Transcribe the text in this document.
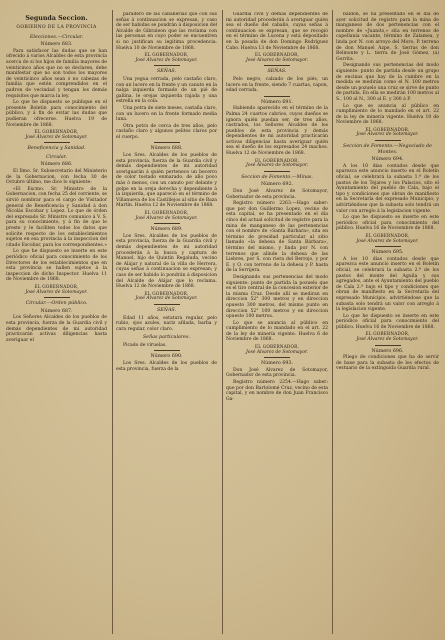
Segunda Seccion.
GOBIERNO DE LA PROVINCIA
Elecciones.—Circular.
Número 683.
Para satisfacer las dudas que se han ofrecido á varios Alcaldes de esta provincia acerca de si los hijos de familia mayores de veinticinco años que no se declaren, debe manifestar que no son todos los mayores de veinticinco años sean ó no cabezas de familia que estén comprendidos en el padron de vecindad y tengan los demás requisitos que marca la ley.
Lo que he dispuesto se publique en el presente Boletin para conocimiento del público, y á fin de evitar las dudas que pudieran ofrecerse. Huelva 19 de Noviembre de 1868.
EL GOBERNADOR,
José Alvarez de Sotomayor.
Beneficencia y Sanidad.
Circular.
Número 686.
El Ilmo. Sr. Subsecretario del Ministerio de la Gobernacion, con fecha 30 de Octubre último, me dice lo siguiente:
«El Excmo. Sr. Ministro de la Gobernacion, con fecha 25 del corriente, se sirvió nombrar para el cargo de Visitador general de Beneficencia y Sanidad á don Nicolás Escobar y Lopez. Lo que de órden del expresado Sr. Ministro comunico á V. S. para su conocimiento, y á fin de que le preste y le faciliten todos los datos que solicite respecto de los establecimientos sujetos en esa provincia á la inspeccion del citado Escobar, para los correspondientes.»
Lo que he dispuesto se inserte en este periódico oficial para conocimiento de los Directores de los establecimientos que en esta provincia se hallen sujetos á la inspeccion de dicho Inspector. Huelva 11 de Noviembre de 1868.
EL GOBERNADOR,
José Alvarez de Sotomayor.
Circular.—Orden público.
Número 687.
Los Señores Alcaldes de los pueblos de esta provincia, fuerza de la Guardia civil y demás dependientes de mi autoridad practicarán activas diligencias hasta averiguar el
paradero de las caballerías que con sus señas á continuacion se expresan, y caso de ser habidas se pondrán á disposicion del Alcalde de Gibraleon que las reclama con las personas en cuyo poder se encuentren si no justifican su legítima procedencia. Huelva 10 de Noviembre de 1868.
EL GOBERNADOR,
José Alvarez de Sotomayor.
SEÑAS.
Una yegua cerrada, pelo castaño claro, con un lucero en la frente y un canuto en la nalga izquierda formado de un pié de gallina, le orejas izquierda rajada y una estrella en la cola.
Una potra de siete meses, castaña claro, con un lucero en la frente formado media luna.
Otra potra de cerca de tres años, pelo castaño claro y algunos pelitos claros por el cuerpo.
Número 688.
Los Sres. Alcaldes de los pueblos de esta provincia, fuerza de la Guardia civil y demás dependientes de mi autoridad averiguarán á quién pertenece un becerro de color tostado enmarado, de año poco más ó menos, con un canuto por delante y golpe en la oreja derecha y dependiente á la izquierda, que apareció en el término de Villanueva de los Castillejos al sitio de Baza Martín. Huelva 12 de Noviembre de 1868.
EL GOBERNADOR,
José Alvarez de Sotomayor.
Número 689.
Los Sres. Alcaldes de los pueblos de esta provincia, fuerza de la Guardia civil y demás dependientes de mi autoridad procederán á la busca y captura de Manuel, hijo de Quintín Regaluda, vecino de Alájar y natural de la villa de Herrera, cuyas señas á continuacion se expresan; y caso de ser habido lo pondrán á disposicion del Alcalde de Alájar que lo reclama. Huelva 12 de Noviembre de 1868.
EL GOBERNADOR,
José Alvarez de Sotomayor.
SEÑAS.
Edad 11 años, estatura regular, pelo rubio, ojos azules, nariz afilada, barba y cara regular, color claro.
Señas particulares.
Picado de viruelas.
Número 690.
Los Sres. Alcaldes de los pueblos de esta provincia, fuerza de la
Guardia civil y demás dependientes de mi autoridad procederán á averiguar quién sea el dueño del caballo, cuyas señas á continuacion se expresan, que se recogió en el término de Lucena y está depositado en la posada de don Domingo Rodriguez Cabo. Huelva 13 de Noviembre de 1868.
EL GOBERNADOR,
José Alvarez de Sotomayor.
SEÑAS.
Pelo negro, calzado de los piés, un lucero en la frente, siendo 7 cuartas, capon, edad cerrada.
Número 691.
Habiendo aparecido en el término de la Palma 24 cuartos cabrios, cuyos dueños se ignora quién puedan ser, de tres años, castrados, los Señores Alcaldes de los pueblos de esta provincia y demás dependientes de mi autoridad practicarán activas diligencias hasta averiguar quién sea el dueño de los expresados 24 machos. Huelva 12 de Noviembre de 1868.
EL GOBERNADOR,
José Alvarez de Sotomayor.
Seccion de Fomento.—Minas.
Número 692.
Don José Alvarez de Sotomayor, Gobernador de esta provincia.
Registro número 2263.—Hago saber: que por don Guillermo Lopez, vecino de esta capital, se ha presentado en el día cinco del actual solicitud de registro para la mina de manganeso de las pertenencias con el nombre de «Santa Bárbara», sita en término de presidad particular al sitio llamado «la dehesa de Santa Bárbara», término del mismo, y linda por N. con terrenos que alinde la dehesa de las Liebres, por S. con riera del Berrojo, y por E. y O. con terreno de la dehesa y P. hasta de la Serrijera.
Designando sus pertenencias del modo siguiente: punto de partida la pozuelo que es el tiro central de la concesion exterior de la misma Cruz. Desde allí se mediran en direccion 52° 300 metros y en direccion opuesto 300 metros, del mismo punto en direccion 52° 100 metros y en direccion opuesto 100 metros.
Lo que se anuncia al público en cumplimiento de lo mandado en el art. 22 de la ley de minería vigente. Huelva 6 de Noviembre de 1868.
EL GOBERNADOR,
José Alvarez de Sotomayor.
Número 693.
Don José Alvarez de Sotomayor, Gobernador de esta provincia.
Registro número 2254.—Hago saber: que por don Bartolomé Cruz, vecino de esta capital, y en nombre de don Juan Francisco Ga-
baldon, se ha presentado en el día de ayer solicitud de registro para la mina de manganeso de dos pertenencias con el nombre de «Juanito,» sita en terrenos de capellanía vacante, término de Zalamea, y linda por N. con arroyo del Moro, P. terreno de don Manuel Azpe, S. tierras de don Belmonte y L. tierra de José Gómez, (a) Gorrita.
Designando sus pertenencias del modo siguiente: punto de partida desde un grupo de encinas que hay de la cumbre en la medida se medirán como el N. 100 metros desde un pozuelo una cruz se sirve de punto de partida. En ella se medirán 100 metros al S., 100 al N., 300 al E. y 300 á P.
Lo que se anuncia al público en cumplimiento de lo mandado en el art. 22 de la ley de minería vigente. Huelva 10 de Noviembre de 1868.
EL GOBERNADOR,
José Alvarez de Sotomayor.
Seccion de Fomento.—Negociado de Montes.
Número 694.
A los 10 días contados desde que aparezca este anuncio inserto en el Boletín oficial, se celebrará la subasta 1.ª de los pastos de los Tejares y los Palacios, sito el Ayuntamiento del pueblo de Cala, bajo el tipo y condiciones que obran de manifiesto en la Secretaría del expresado Municipio, y advirtiéndose que la subasta solo tendrá un valor con arreglo á la legislacion vigente.
Lo que he dispuesto se inserte en este periódico oficial para conocimiento del público. Huelva 16 de Noviembre de 1868.
EL GOBERNADOR,
José Alvarez de Sotomayor.
Número 695.
A los 10 días contados desde que aparezca este anuncio inserto en el Boletín oficial, se celebrará la subasta 2.ª de los pastos del monte del Aguila y sus agregados, ante el Ayuntamiento del pueblo de Cala 2.ª bajo el tipo y condiciones que obran de manifiesto en la Secretaría del expresado Municipio, advirtiéndose que la subasta solo tendrá un valor con arreglo á la legislacion vigente.
Lo que he dispuesto se inserte en este periódico oficial para conocimiento del público. Huelva 16 de Noviembre de 1868.
EL GOBERNADOR,
José Alvarez de Sotomayor.
Número 696.
Pliego de condiciones que ha de servir de base para la subasta de los efectos de vestuario de la extinguida Guardia rural.
